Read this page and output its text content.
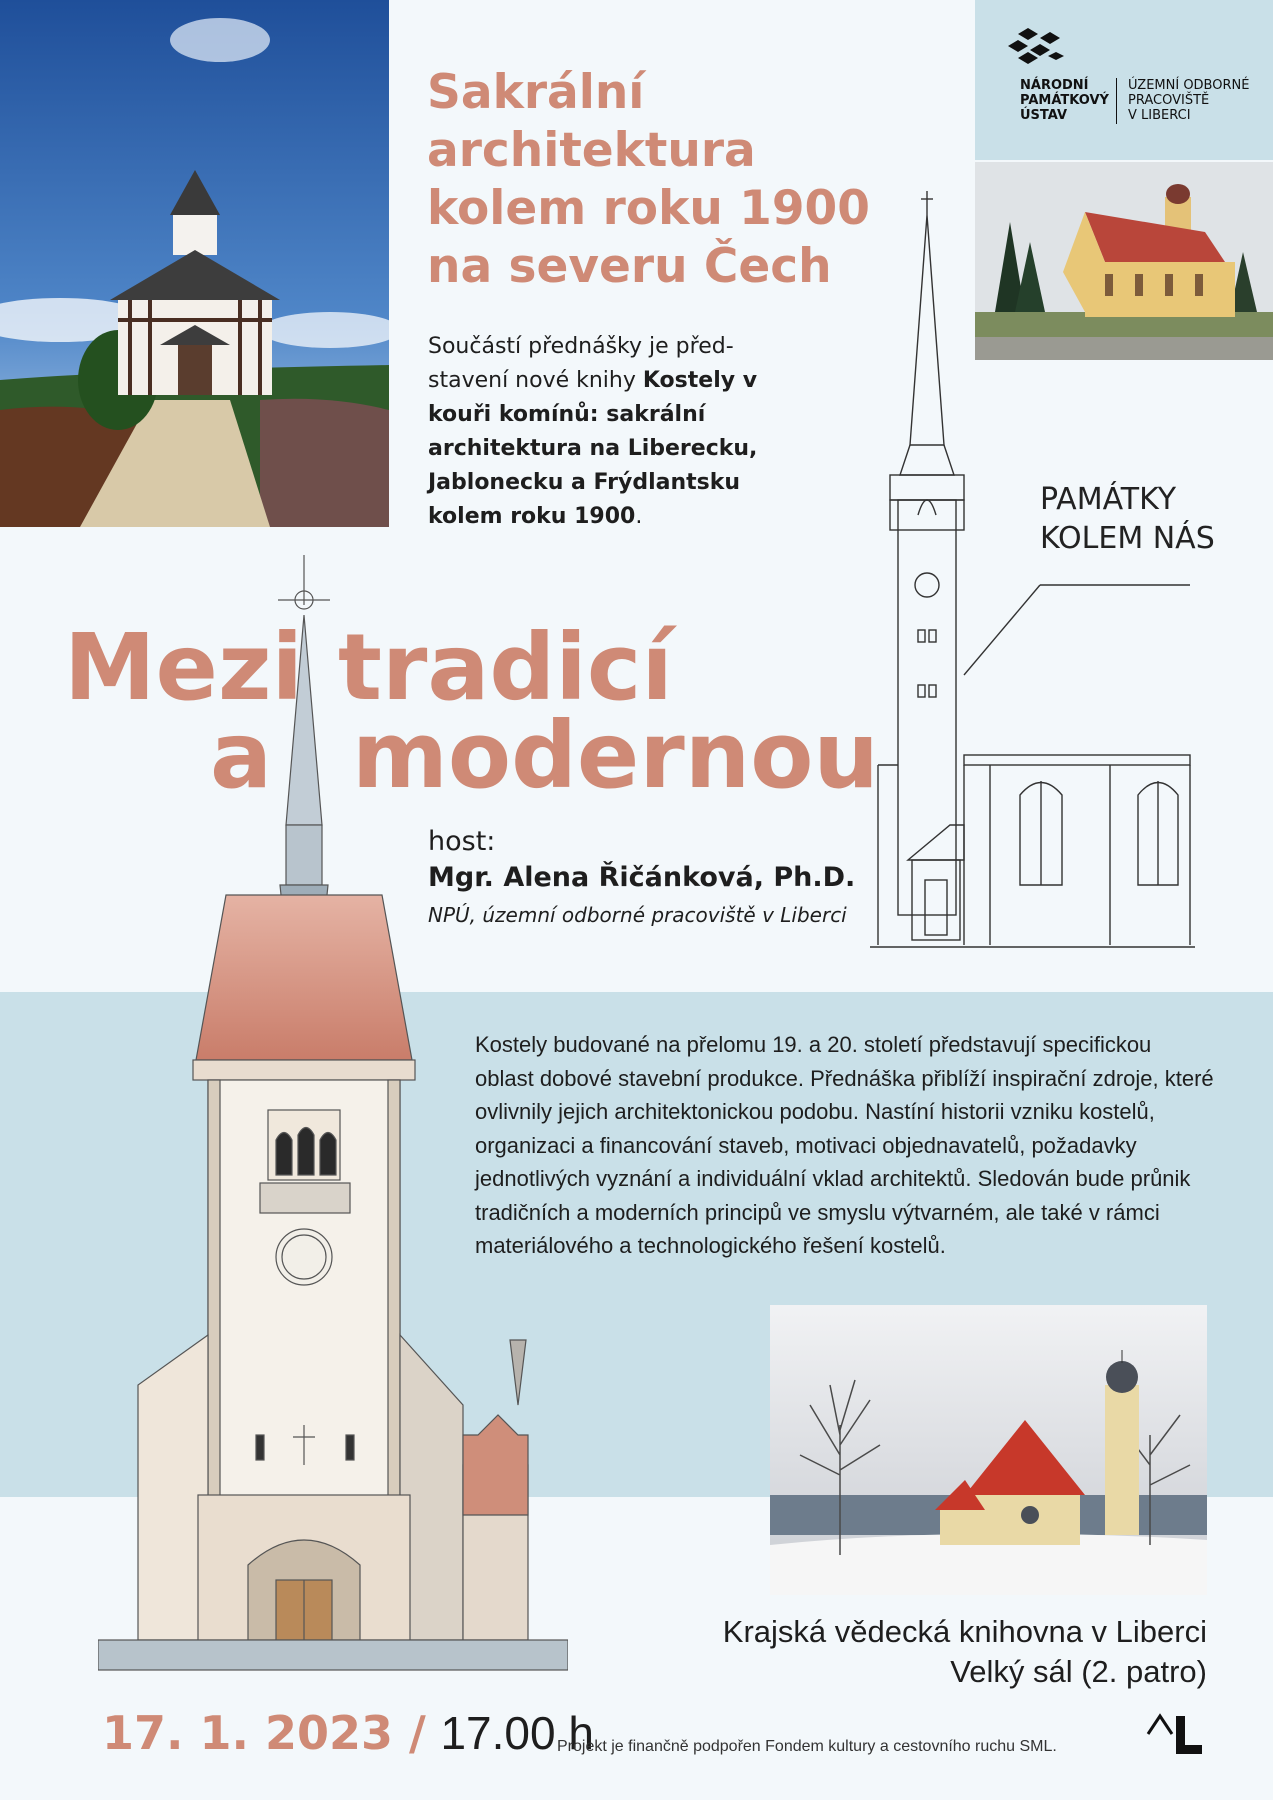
Sakrální
architektura
kolem roku 1900
na severu Čech
Součástí přednášky je před-stavení nové knihy Kostely v kouři komínů: sakrální architektura na Liberecku, Jablonecku a Frýdlantsku kolem roku 1900.
NÁRODNÍ
PAMÁTKOVÝ
ÚSTAV
ÚZEMNÍ ODBORNÉ
PRACOVIŠTĚ
V LIBERCI
PAMÁTKY
KOLEM NÁS
Mezi tradicí
a modernou
host:
Mgr. Alena Řičánková, Ph.D.
NPÚ, územní odborné pracoviště v Liberci
Kostely budované na přelomu 19. a 20. století představují specifickou oblast dobové stavební produkce. Přednáška přiblíží inspirační zdroje, které ovlivnily jejich architektonickou podobu. Nastíní historii vzniku kostelů, organizaci a financování staveb, motivaci objednavatelů, požadavky jednotlivých vyznání a individuální vklad architektů. Sledován bude průnik tradičních a moderních principů ve smyslu výtvarném, ale také v rámci materiálového a technologického řešení kostelů.
Krajská vědecká knihovna v Liberci
Velký sál (2. patro)
17. 1. 2023 / 17.00 h
Projekt je finančně podpořen Fondem kultury a cestovního ruchu SML.
